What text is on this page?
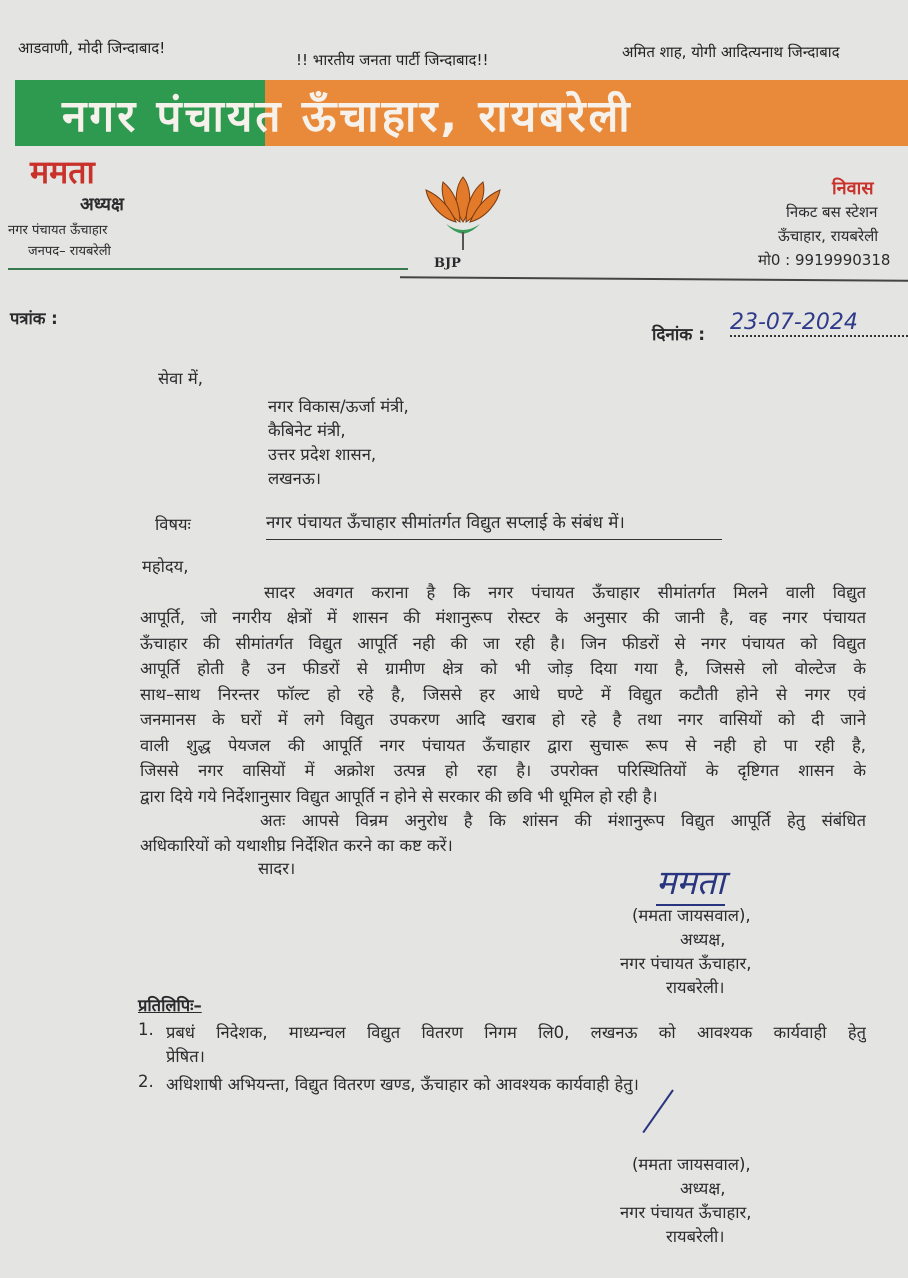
आडवाणी, मोदी जिन्दाबाद!
!! भारतीय जनता पार्टी जिन्दाबाद!!	अमित शाह, योगी आदित्यनाथ जिन्दाबाद
नगर पंचायत ऊँचाहार, रायबरेली
ममता
अध्यक्ष
नगर पंचायत ऊँचाहार
जनपद– रायबरेली
BJP
निवास
निकट बस स्टेशन
ऊँचाहार, रायबरेली
मो0 : 9919990318
पत्रांक :
दिनांक : 23-07-2024
सेवा में,
नगर विकास/ऊर्जा मंत्री,
कैबिनेट मंत्री,
उत्तर प्रदेश शासन,
लखनऊ।
विषयः	नगर पंचायत ऊँचाहार सीमांतर्गत विद्युत सप्लाई के संबंध में।
महोदय,
सादर अवगत कराना है कि नगर पंचायत ऊँचाहार सीमांतर्गत मिलने वाली विद्युत
आपूर्ति, जो नगरीय क्षेत्रों में शासन की मंशानुरूप रोस्टर के अनुसार की जानी है, वह नगर पंचायत
ऊँचाहार की सीमांतर्गत विद्युत आपूर्ति नही की जा रही है। जिन फीडरों से नगर पंचायत को विद्युत
आपूर्ति होती है उन फीडरों से ग्रामीण क्षेत्र को भी जोड़ दिया गया है, जिससे लो वोल्टेज के
साथ–साथ निरन्तर फॉल्ट हो रहे है, जिससे हर आधे घण्टे में विद्युत कटौती होने से नगर एवं
जनमानस के घरों में लगे विद्युत उपकरण आदि खराब हो रहे है तथा नगर वासियों को दी जाने
वाली शुद्ध पेयजल की आपूर्ति नगर पंचायत ऊँचाहार द्वारा सुचारू रूप से नही हो पा रही है,
जिससे नगर वासियों में अक्रोश उत्पन्न हो रहा है। उपरोक्त परिस्थितियों के दृष्टिगत शासन के
द्वारा दिये गये निर्देशानुसार विद्युत आपूर्ति न होने से सरकार की छवि भी धूमिल हो रही है।
अतः आपसे विन्रम अनुरोध है कि शांसन की मंशानुरूप विद्युत आपूर्ति हेतु संबंधित
अधिकारियों को यथाशीघ्र निर्देशित करने का कष्ट करें।
सादर।	ममता
(ममता जायसवाल),
अध्यक्ष,
नगर पंचायत ऊँचाहार,
रायबरेली।
प्रतिलिपिः–
1. प्रबधं निदेशक, माध्यन्चल विद्युत वितरण निगम लि0, लखनऊ को आवश्यक कार्यवाही हेतु
प्रेषित।
2. अधिशाषी अभियन्ता, विद्युत वितरण खण्ड, ऊँचाहार को आवश्यक कार्यवाही हेतु।
(ममता जायसवाल),
अध्यक्ष,
नगर पंचायत ऊँचाहार,
रायबरेली।
